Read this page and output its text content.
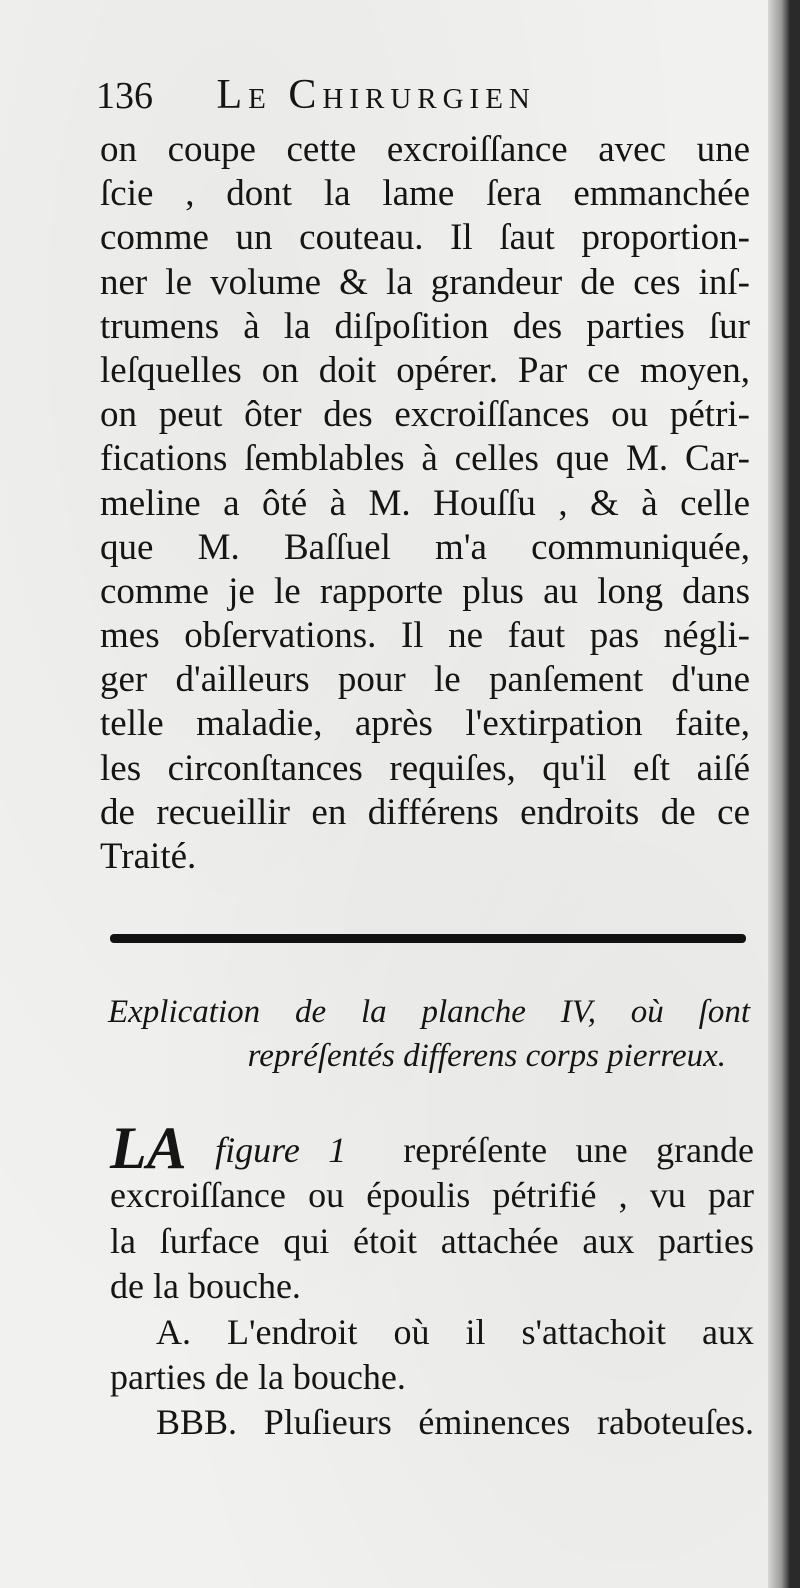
136 Le Chirurgien
on coupe cette excroiſſance avec une
ſcie , dont la lame ſera emmanchée
comme un couteau. Il ſaut proportion-
ner le volume & la grandeur de ces inſ-
trumens à la diſpoſition des parties ſur
leſquelles on doit opérer. Par ce moyen,
on peut ôter des excroiſſances ou pétri-
fications ſemblables à celles que M. Car-
meline a ôté à M. Houſſu , & à celle
que M. Baſſuel m'a communiquée,
comme je le rapporte plus au long dans
mes obſervations. Il ne faut pas négli-
ger d'ailleurs pour le panſement d'une
telle maladie, après l'extirpation faite,
les circonſtances requiſes, qu'il eſt aiſé
de recueillir en différens endroits de ce
Traité.
Explication de la planche IV, où ſont
repréſentés differens corps pierreux.
LA figure 1 repréſente une grande
excroiſſance ou époulis pétrifié , vu par
la ſurface qui étoit attachée aux parties
de la bouche.
A. L'endroit où il s'attachoit aux
parties de la bouche.
BBB. Pluſieurs éminences raboteuſes.
